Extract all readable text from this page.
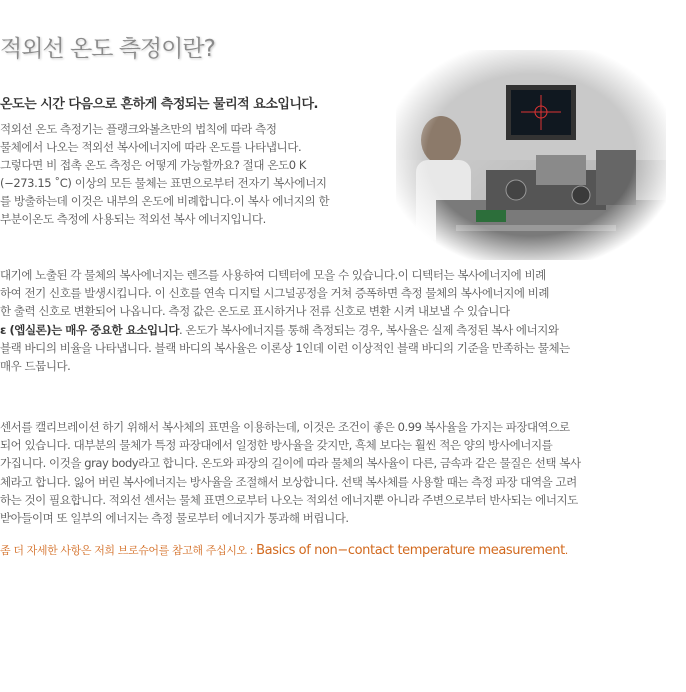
적외선 온도 측정이란?
온도는 시간 다음으로 흔하게 측정되는 물리적 요소입니다.
적외선 온도 측정기는 플랭크와볼츠만의 법칙에 따라 측정
물체에서 나오는 적외선 복사에너지에 따라 온도를 나타냅니다.
그렇다면 비 접촉 온도 측정은 어떻게 가능할까요? 절대 온도0 K
(−273.15 ˚C) 이상의 모든 물체는 표면으로부터 전자기 복사에너지
를 방출하는데 이것은 내부의 온도에 비례합니다.이 복사 에너지의 한
부분이온도 측정에 사용되는 적외선 복사 에너지입니다.
대기에 노출된 각 물체의 복사에너지는 렌즈를 사용하여 디텍터에 모을 수 있습니다.이 디텍터는 복사에너지에 비례
하여 전기 신호를 발생시킵니다. 이 신호를 연속 디지털 시그널공정을 거쳐 증폭하면 측정 물체의 복사에너지에 비례
한 출력 신호로 변환되어 나옵니다. 측정 값은 온도로 표시하거나 전류 신호로 변환 시켜 내보낼 수 있습니다
ε (엡실론)는 매우 중요한 요소입니다. 온도가 복사에너지를 통해 측정되는 경우, 복사율은 실제 측정된 복사 에너지와
블랙 바디의 비율을 나타냅니다. 블랙 바디의 복사율은 이론상 1인데 이런 이상적인 블랙 바디의 기준을 만족하는 물체는
매우 드뭅니다.
센서를 캘리브레이션 하기 위해서 복사체의 표면을 이용하는데, 이것은 조건이 좋은 0.99 복사율을 가지는 파장대역으로
되어 있습니다. 대부분의 물체가 특정 파장대에서 일정한 방사율을 갖지만, 흑체 보다는 훨씬 적은 양의 방사에너지를
가집니다. 이것을 gray body라고 합니다. 온도와 파장의 길이에 따라 물체의 복사율이 다른, 금속과 같은 물질은 선택 복사
체라고 합니다. 잃어 버린 복사에너지는 방사율을 조절해서 보상합니다. 선택 복사체를 사용할 때는 측정 파장 대역을 고려
하는 것이 필요합니다. 적외선 센서는 물체 표면으로부터 나오는 적외선 에너지뿐 아니라 주변으로부터 반사되는 에너지도
받아들이며 또 일부의 에너지는 측정 물로부터 에너지가 통과해 버립니다.
좀 더 자세한 사항은 저희 브로슈어를 참고해 주십시오 : Basics of non−contact temperature measurement.
